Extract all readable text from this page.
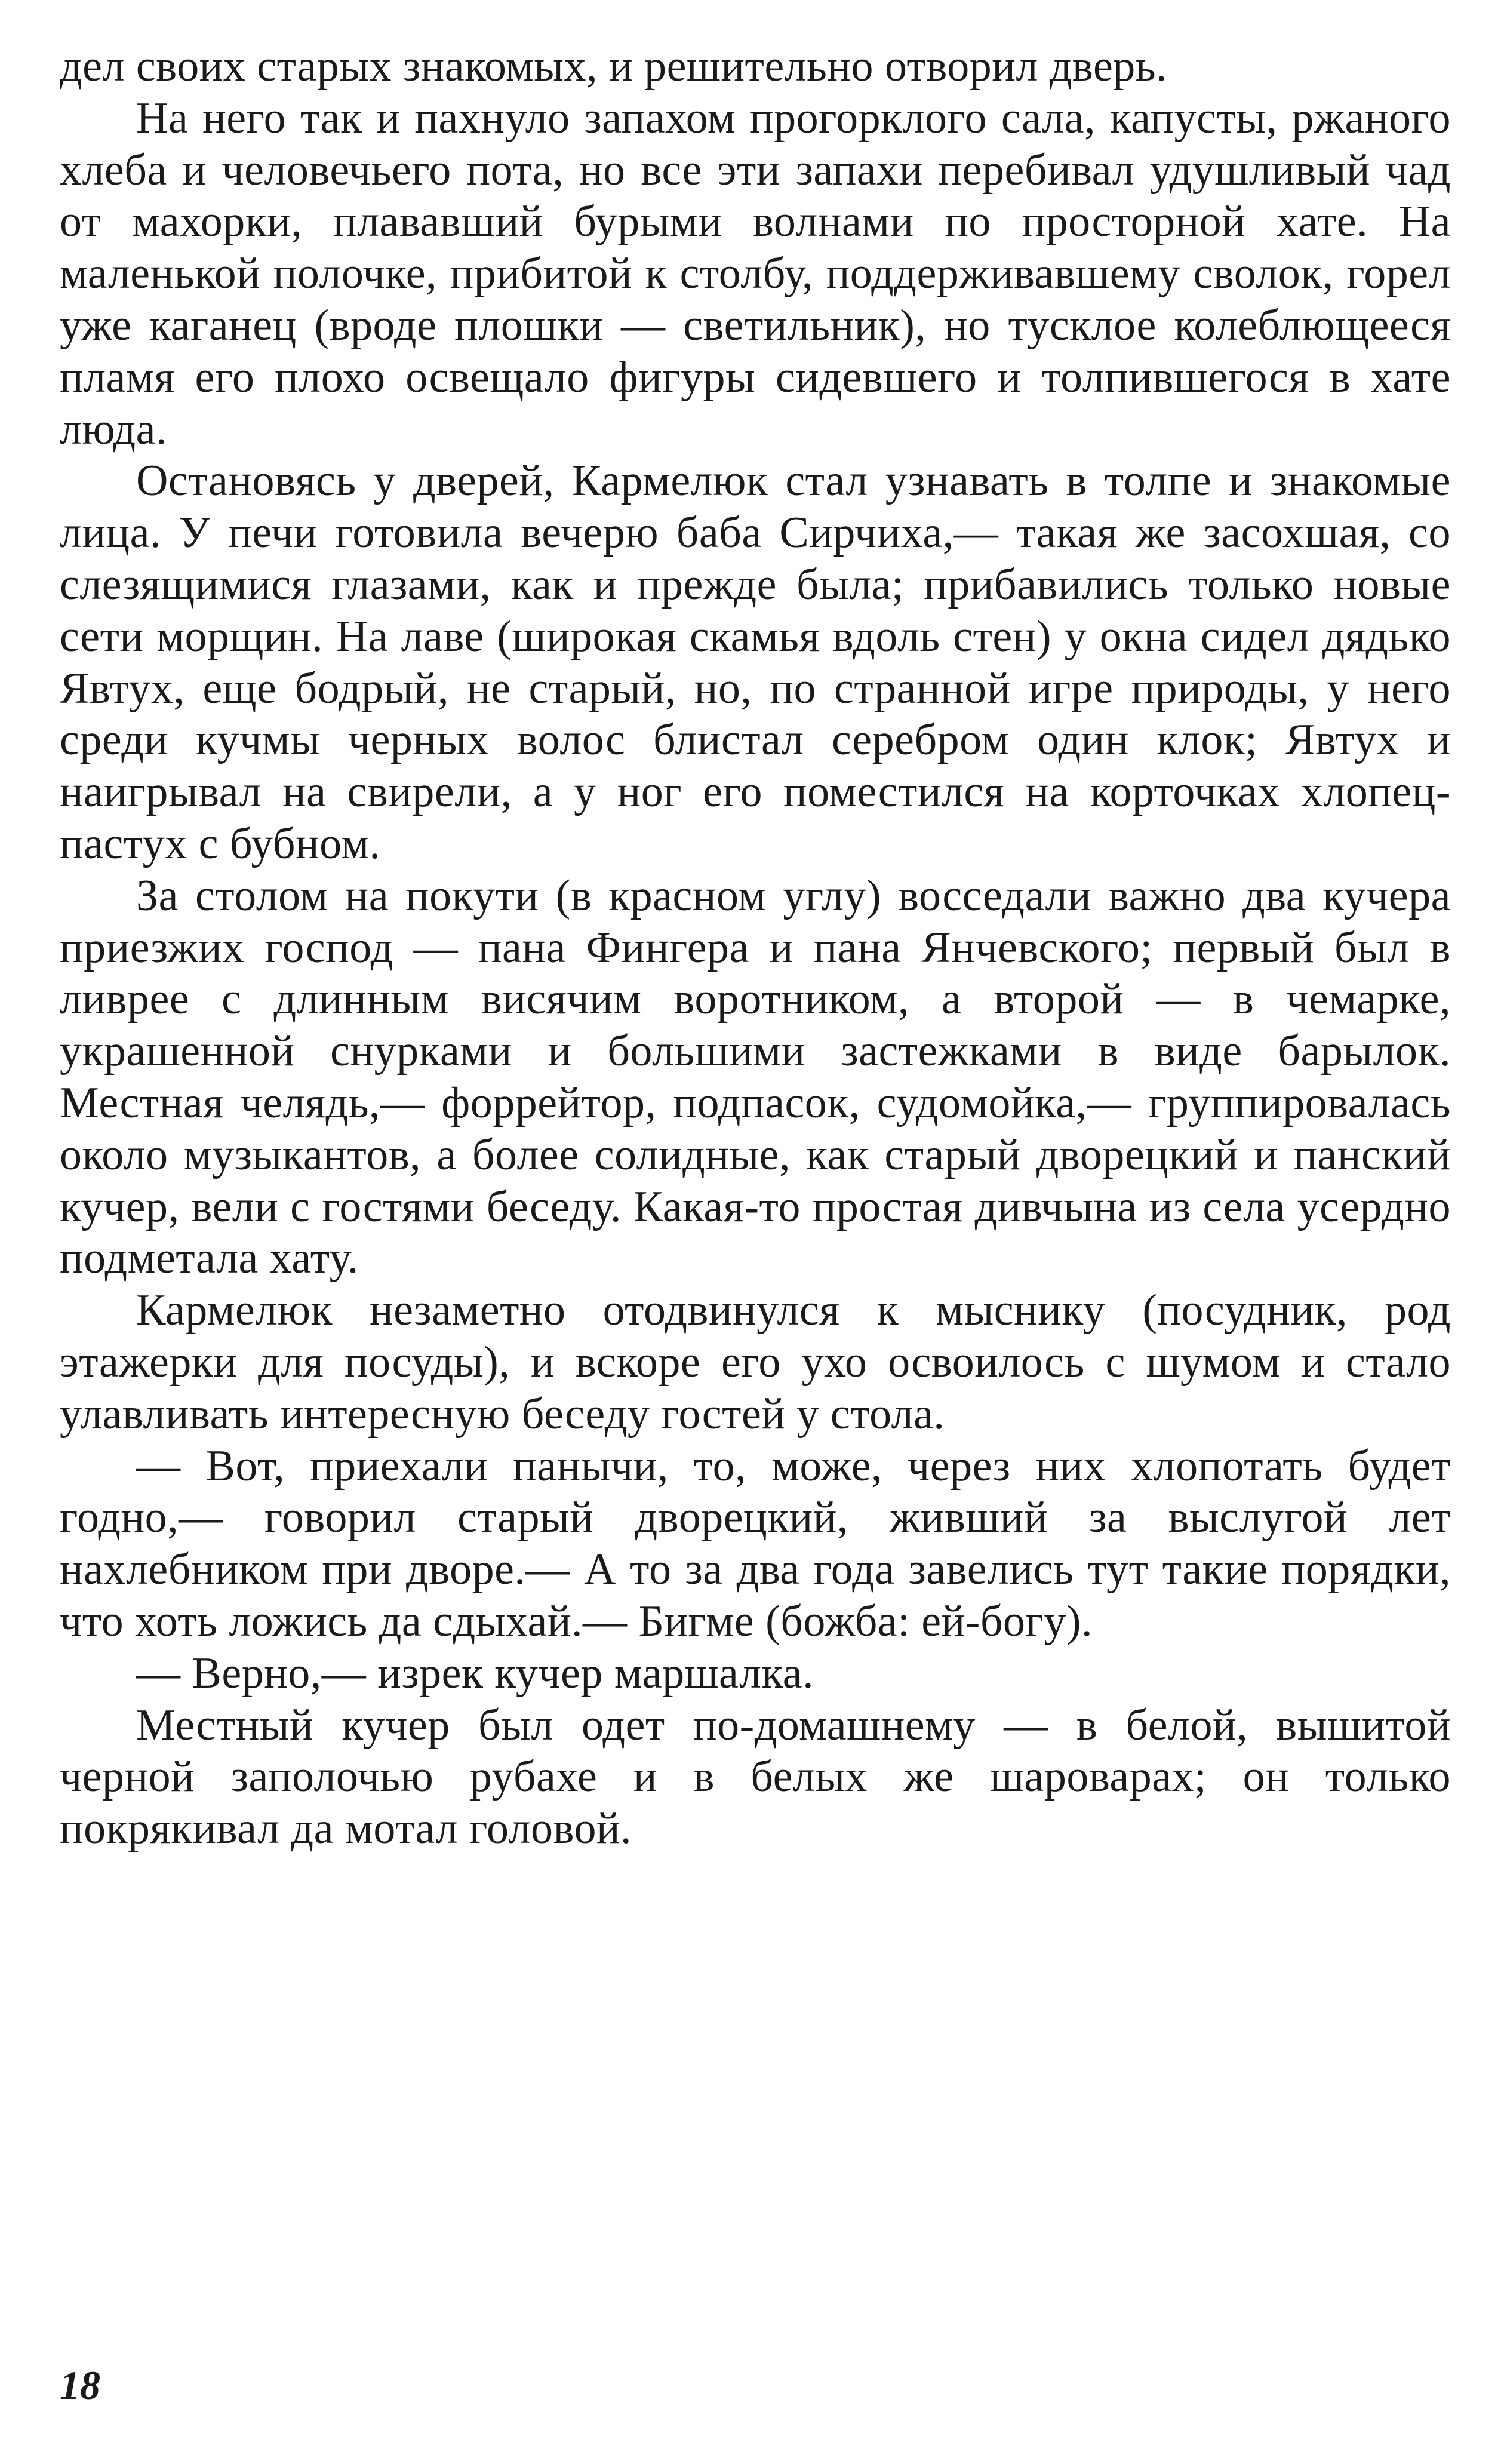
дел своих старых знакомых, и решительно отворил дверь.

На него так и пахнуло запахом прогорклого сала, капусты, ржаного хлеба и человечьего пота, но все эти запахи перебивал удушливый чад от махорки, плававший бурыми волнами по просторной хате. На маленькой полочке, прибитой к столбу, поддерживавшему сволок, горел уже каганец (вроде плошки — светильник), но тусклое колеблющееся пламя его плохо освещало фигуры сидевшего и толпившегося в хате люда.

Остановясь у дверей, Кармелюк стал узнавать в толпе и знакомые лица. У печи готовила вечерю баба Сирчиха,— такая же засохшая, со слезящимися глазами, как и прежде была; прибавились только новые сети морщин. На лаве (широкая скамья вдоль стен) у окна сидел дядько Явтух, еще бодрый, не старый, но, по странной игре природы, у него среди кучмы черных волос блистал серебром один клок; Явтух и наигрывал на свирели, а у ног его поместился на корточках хлопец-пастух с бубном.

За столом на покути (в красном углу) восседали важно два кучера приезжих господ — пана Фингера и пана Янчевского; первый был в ливрее с длинным висячим воротником, а второй — в чемарке, украшенной снурками и большими застежками в виде барылок. Местная челядь,— форрейтор, подпасок, судомойка,— группировалась около музыкантов, а более солидные, как старый дворецкий и панский кучер, вели с гостями беседу. Какая-то простая дивчына из села усердно подметала хату.

Кармелюк незаметно отодвинулся к мыснику (посудник, род этажерки для посуды), и вскоре его ухо освоилось с шумом и стало улавливать интересную беседу гостей у стола.

— Вот, приехали панычи, то, може, через них хлопотать будет годно,— говорил старый дворецкий, живший за выслугой лет нахлебником при дворе.— А то за два года завелись тут такие порядки, что хоть ложись да сдыхай.— Бигме (божба: ей-богу).

— Верно,— изрек кучер маршалка.

Местный кучер был одет по-домашнему — в белой, вышитой черной заполочью рубахе и в белых же шароварах; он только покрякивал да мотал головой.

18
